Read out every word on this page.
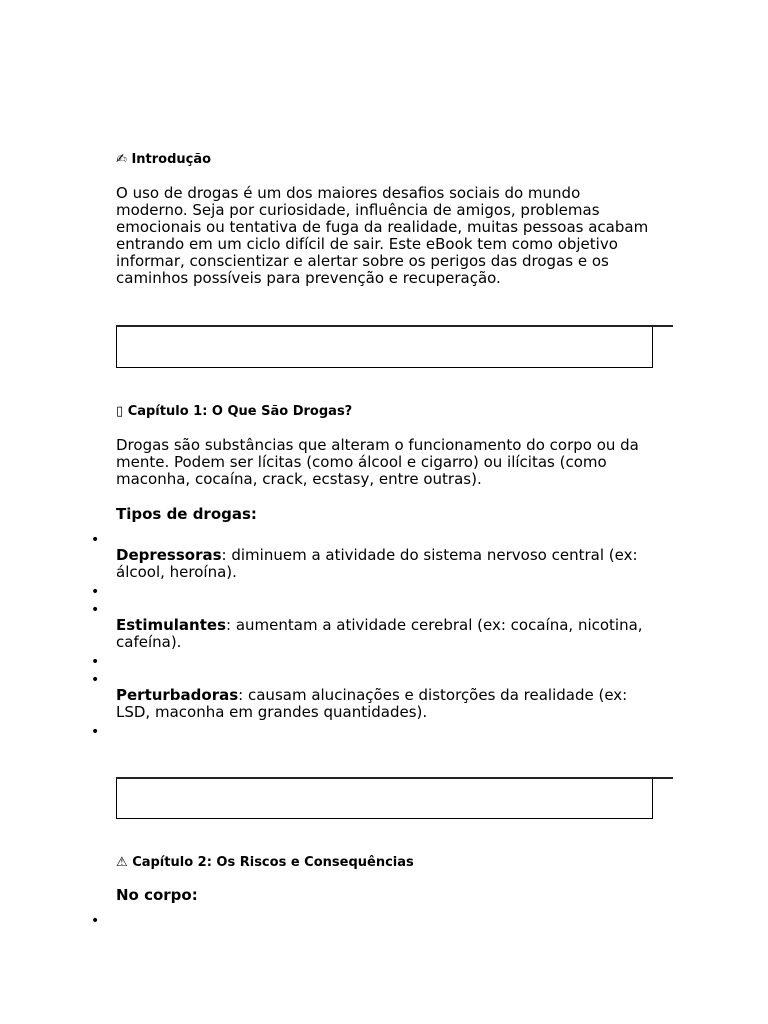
✍ Introdução

O uso de drogas é um dos maiores desafios sociais do mundo moderno. Seja por curiosidade, influência de amigos, problemas emocionais ou tentativa de fuga da realidade, muitas pessoas acabam entrando em um ciclo difícil de sair. Este eBook tem como objetivo informar, conscientizar e alertar sobre os perigos das drogas e os caminhos possíveis para prevenção e recuperação.

▯ Capítulo 1: O Que São Drogas?

Drogas são substâncias que alteram o funcionamento do corpo ou da mente. Podem ser lícitas (como álcool e cigarro) ou ilícitas (como maconha, cocaína, crack, ecstasy, entre outras).

Tipos de drogas:
•
•
•
•
•
•

Depressoras: diminuem a atividade do sistema nervoso central (ex: álcool, heroína).

Estimulantes: aumentam a atividade cerebral (ex: cocaína, nicotina, cafeína).

Perturbadoras: causam alucinações e distorções da realidade (ex: LSD, maconha em grandes quantidades).

⚠ Capítulo 2: Os Riscos e Consequências
No corpo:
•
